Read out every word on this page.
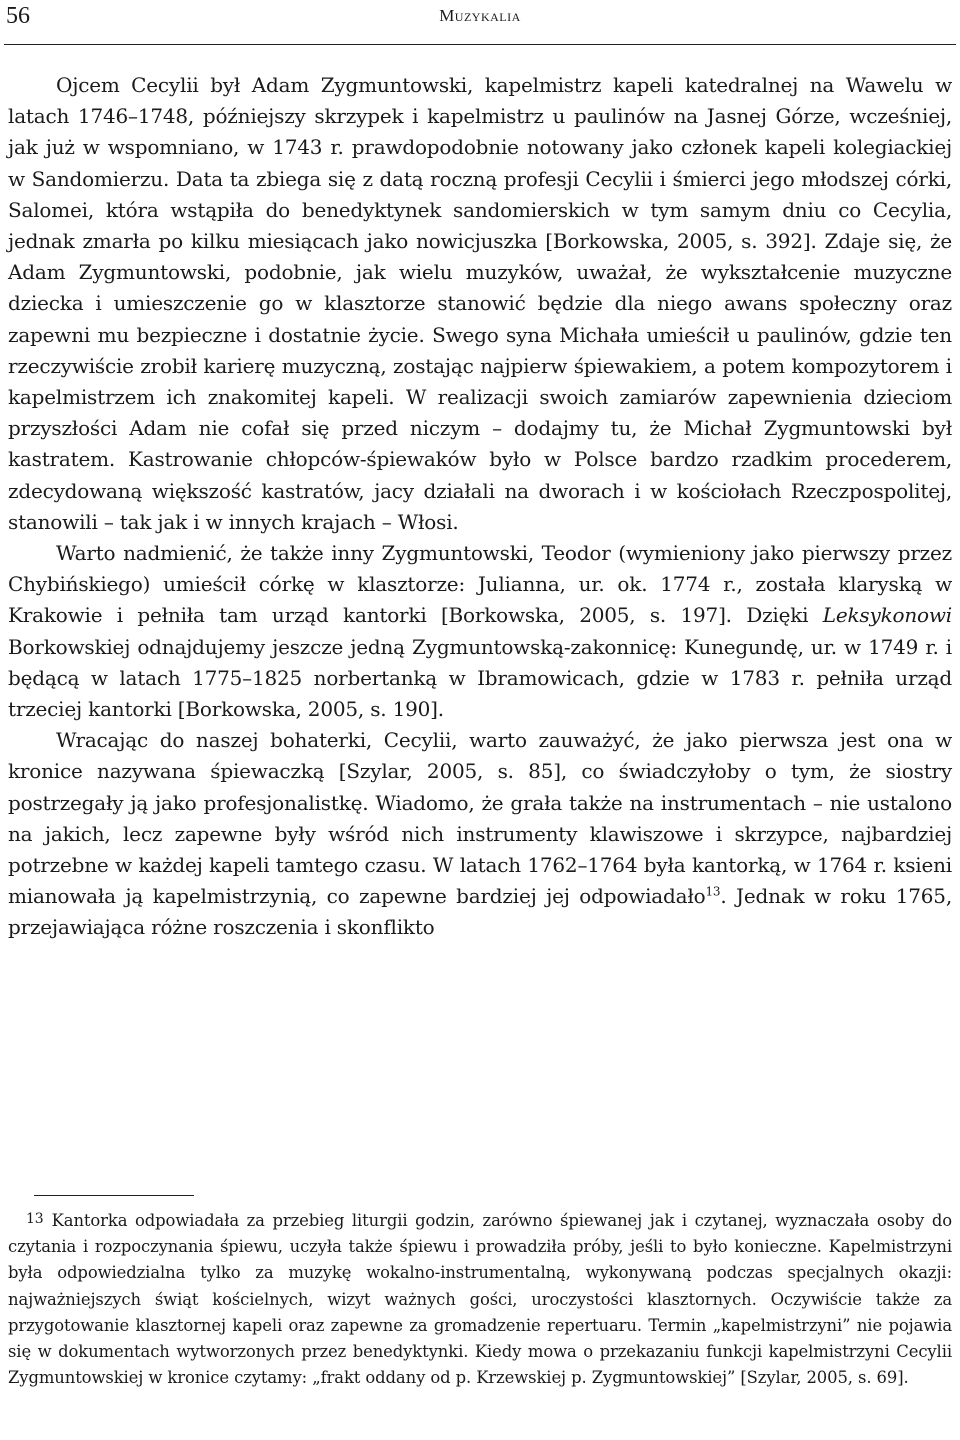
56	Muzykalia

Ojcem Cecylii był Adam Zygmuntowski, kapelmistrz kapeli katedralnej na Wawelu w latach 1746–1748, późniejszy skrzypek i kapelmistrz u paulinów na Jasnej Górze, wcześniej, jak już w wspomniano, w 1743 r. prawdopodobnie notowany jako członek kapeli kolegiackiej w Sandomierzu. Data ta zbiega się z datą roczną profesji Cecylii i śmierci jego młodszej córki, Salomei, która wstąpiła do benedyktynek sandomierskich w tym samym dniu co Cecylia, jednak zmarła po kilku miesiącach jako nowicjuszka [Borkowska, 2005, s. 392]. Zdaje się, że Adam Zygmuntowski, podobnie, jak wielu muzyków, uważał, że wykształcenie muzyczne dziecka i umieszczenie go w klasztorze stanowić będzie dla niego awans społeczny oraz zapewni mu bezpieczne i dostatnie życie. Swego syna Michała umieścił u paulinów, gdzie ten rzeczywiście zrobił karierę muzyczną, zostając najpierw śpiewakiem, a potem kompozytorem i kapelmistrzem ich znakomitej kapeli. W realizacji swoich zamiarów zapewnienia dzieciom przyszłości Adam nie cofał się przed niczym – dodajmy tu, że Michał Zygmuntowski był kastratem. Kastrowanie chłopców-śpiewaków było w Polsce bardzo rzadkim procederem, zdecydowaną większość kastratów, jacy działali na dworach i w kościołach Rzeczpospolitej, stanowili – tak jak i w innych krajach – Włosi.

Warto nadmienić, że także inny Zygmuntowski, Teodor (wymieniony jako pierwszy przez Chybińskiego) umieścił córkę w klasztorze: Julianna, ur. ok. 1774 r., została klaryską w Krakowie i pełniła tam urząd kantorki [Borkowska, 2005, s. 197]. Dzięki Leksykonowi Borkowskiej odnajdujemy jeszcze jedną Zygmuntowską-zakonnicę: Kunegundę, ur. w 1749 r. i będącą w latach 1775–1825 norbertanką w Ibramowicach, gdzie w 1783 r. pełniła urząd trzeciej kantorki [Borkowska, 2005, s. 190].

Wracając do naszej bohaterki, Cecylii, warto zauważyć, że jako pierwsza jest ona w kronice nazywana śpiewaczką [Szylar, 2005, s. 85], co świadczyłoby o tym, że siostry postrzegały ją jako profesjonalistkę. Wiadomo, że grała także na instrumentach – nie ustalono na jakich, lecz zapewne były wśród nich instrumenty klawiszowe i skrzypce, najbardziej potrzebne w każdej kapeli tamtego czasu. W latach 1762–1764 była kantorką, w 1764 r. ksieni mianowała ją kapelmistrzynią, co zapewne bardziej jej odpowiadało$^{13}$. Jednak w roku 1765, przejawiająca różne roszczenia i skonflikto

13 Kantorka odpowiadała za przebieg liturgii godzin, zarówno śpiewanej jak i czytanej, wyznaczała osoby do czytania i rozpoczynania śpiewu, uczyła także śpiewu i prowadziła próby, jeśli to było konieczne. Kapelmistrzyni była odpowiedzialna tylko za muzykę wokalno-instrumentalną, wykonywaną podczas specjalnych okazji: najważniejszych świąt kościelnych, wizyt ważnych gości, uroczystości klasztornych. Oczywiście także za przygotowanie klasztornej kapeli oraz zapewne za gromadzenie repertuaru. Termin „kapelmistrzyni” nie pojawia się w dokumentach wytworzonych przez benedyktynki. Kiedy mowa o przekazaniu funkcji kapelmistrzyni Cecylii Zygmuntowskiej w kronice czytamy: „frakt oddany od p. Krzewskiej p. Zygmuntowskiej” [Szylar, 2005, s. 69].
